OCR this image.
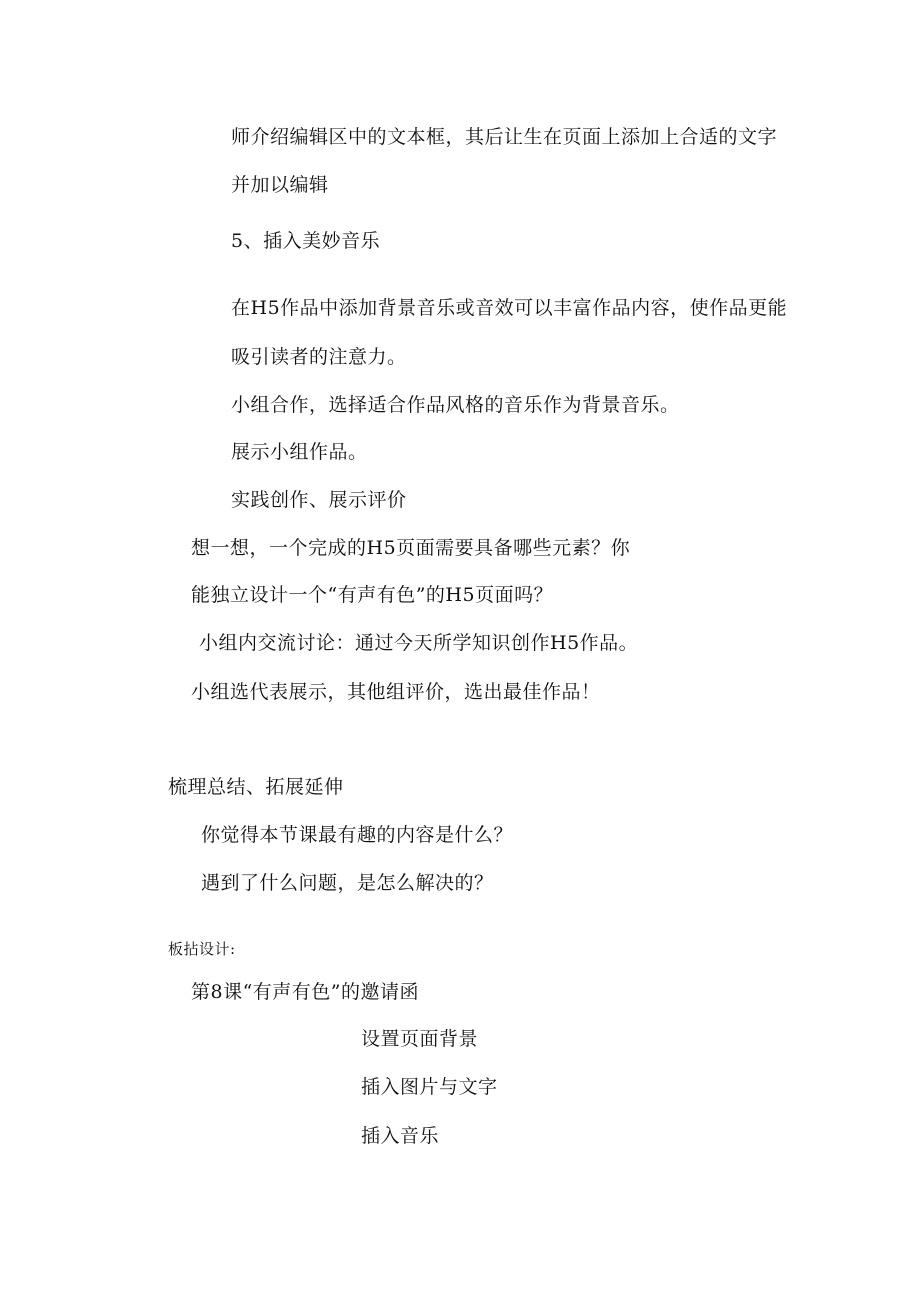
师介绍编辑区中的文本框，其后让生在页面上添加上合适的文字
并加以编辑
5、插入美妙音乐
在H5作品中添加背景音乐或音效可以丰富作品内容，使作品更能
吸引读者的注意力。
小组合作，选择适合作品风格的音乐作为背景音乐。
展示小组作品。
实践创作、展示评价
想一想，一个完成的H5页面需要具备哪些元素？你
能独立设计一个“有声有色”的H5页面吗？
小组内交流讨论：通过今天所学知识创作H5作品。
小组选代表展示，其他组评价，选出最佳作品！
梳理总结、拓展延伸
你觉得本节课最有趣的内容是什么？
遇到了什么问题，是怎么解决的？
板拈设计:
第8课“有声有色”的邀请函
设置页面背景
插入图片与文字
插入音乐
